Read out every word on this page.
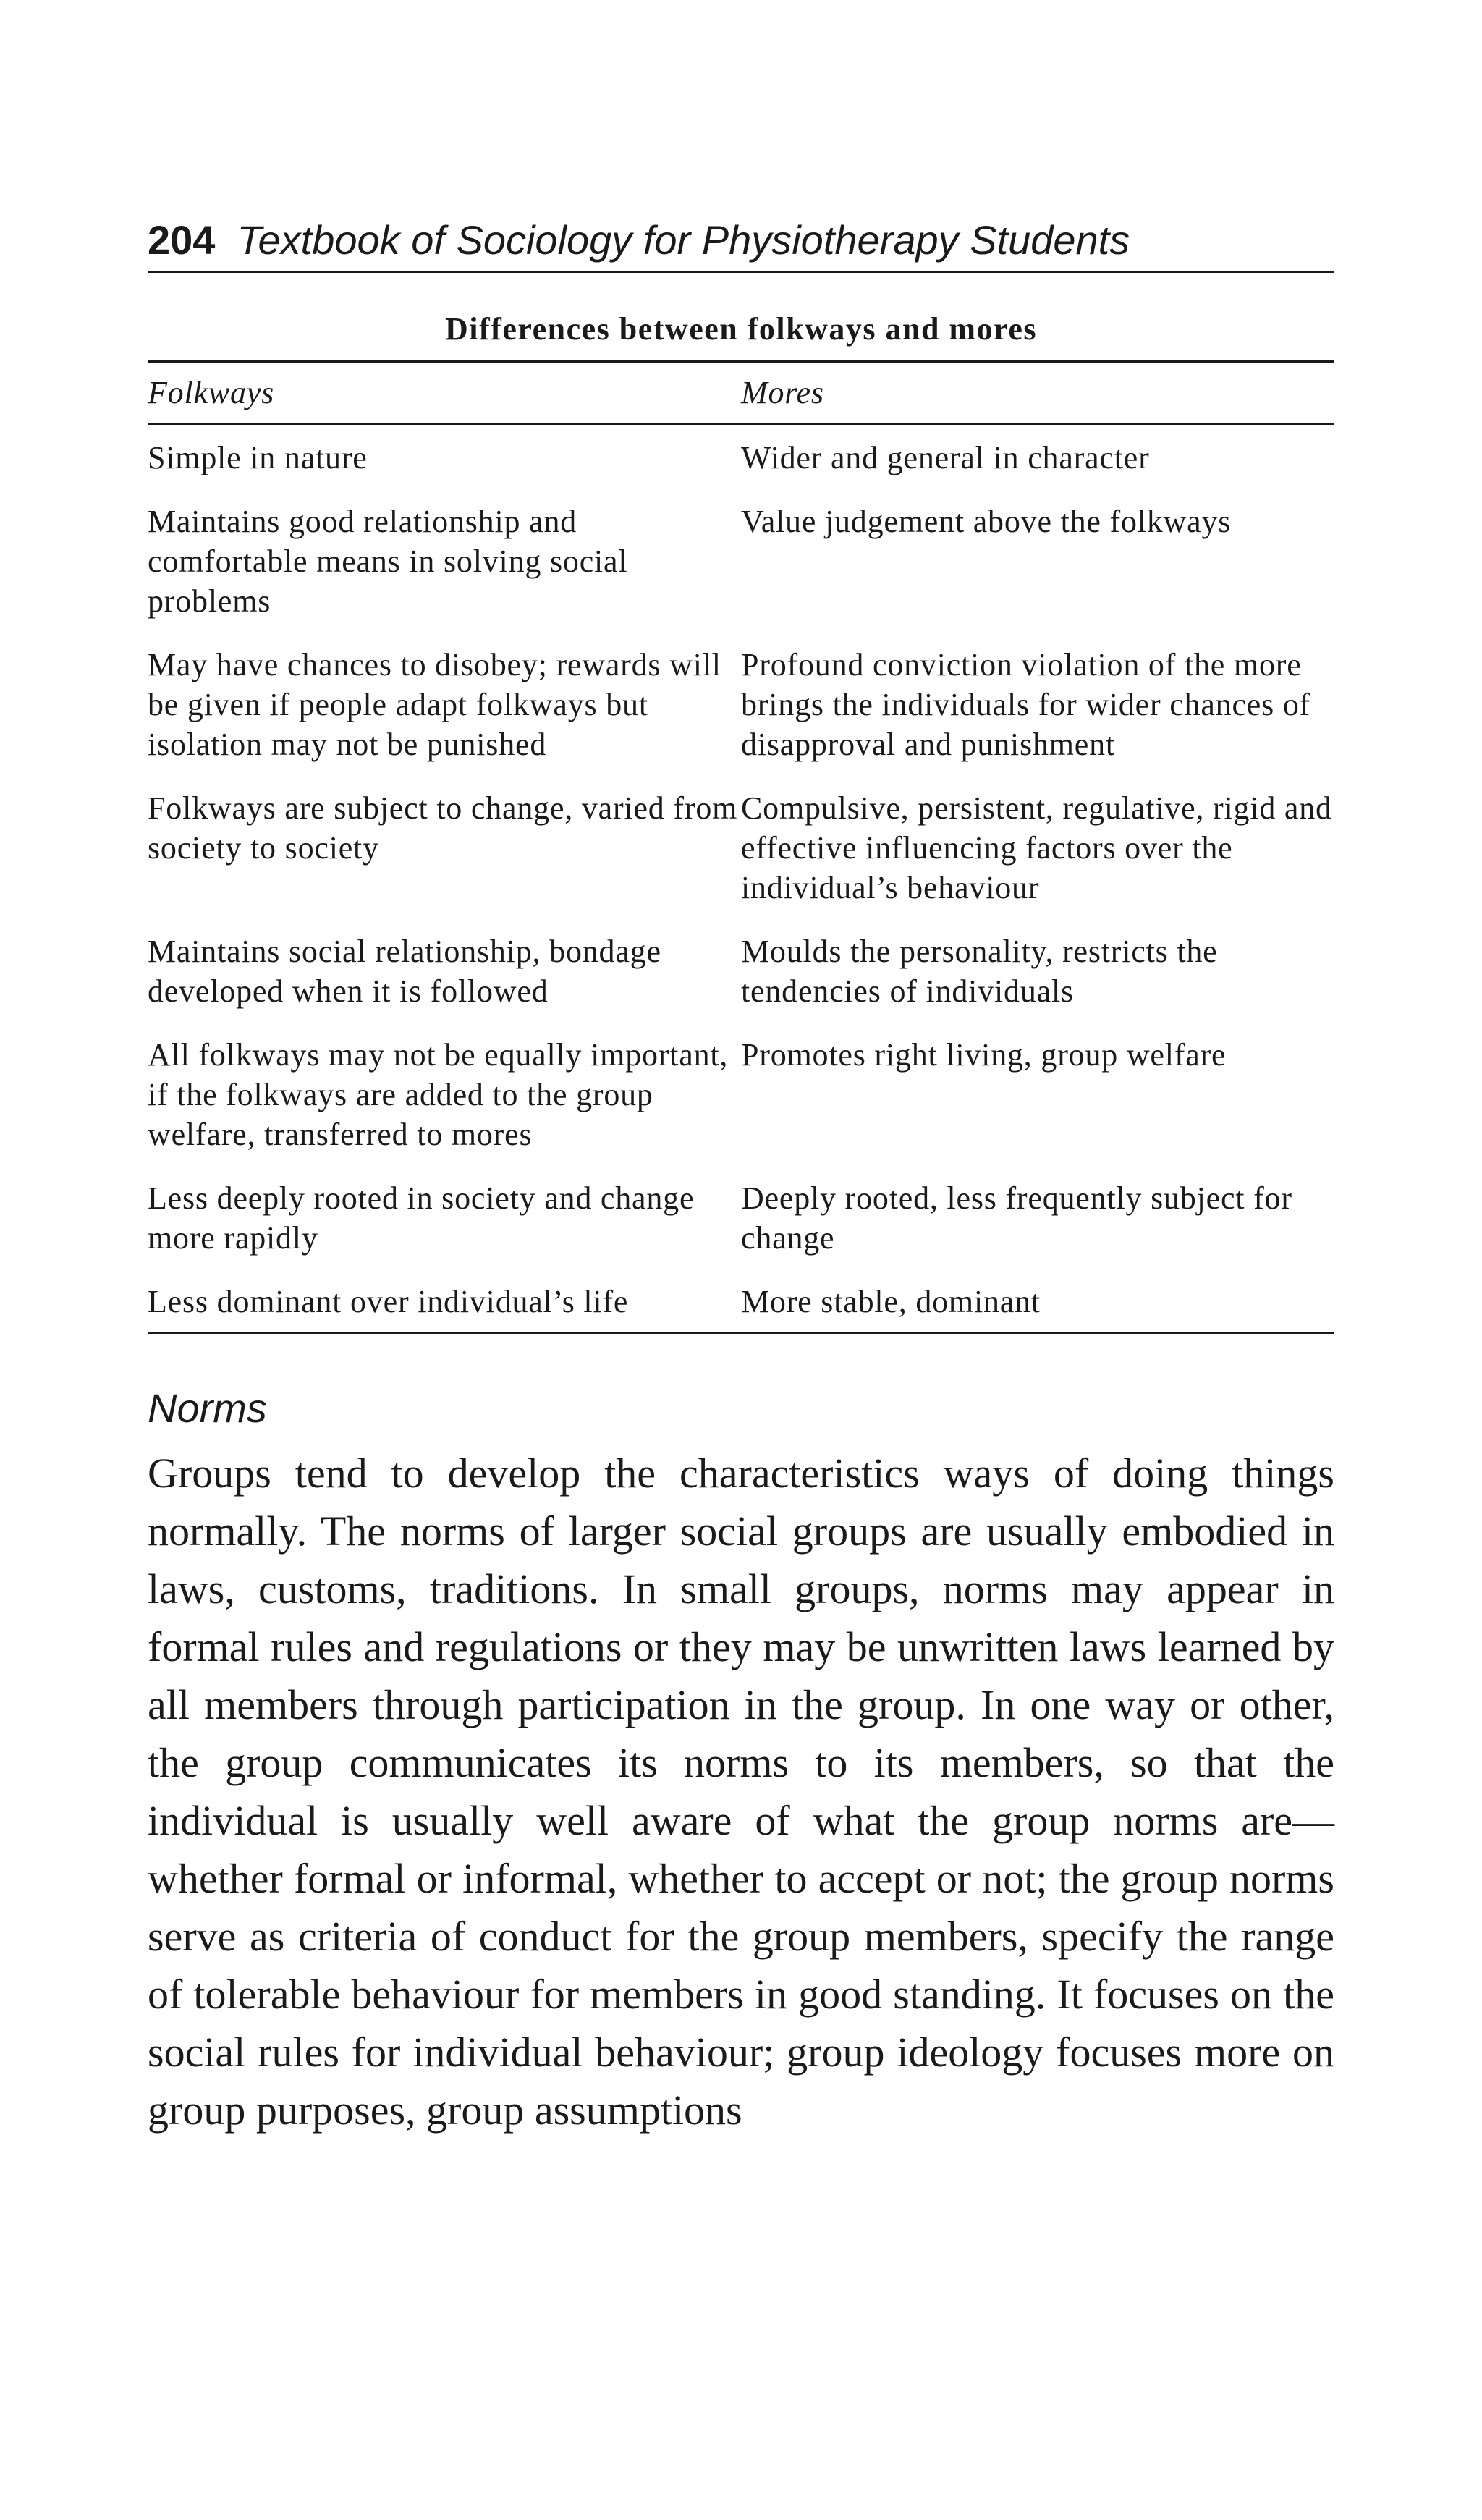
204 Textbook of Sociology for Physiotherapy Students
Differences between folkways and mores
Folkways	Mores
Simple in nature	Wider and general in character
Maintains good relationship and comfortable means in solving social problems	Value judgement above the folkways
May have chances to disobey; rewards will be given if people adapt folkways but isolation may not be punished	Profound conviction violation of the more brings the individuals for wider chances of disapproval and punishment
Folkways are subject to change, varied from society to society	Compulsive, persistent, regulative, rigid and effective influencing factors over the individual’s behaviour
Maintains social relationship, bondage developed when it is followed	Moulds the personality, restricts the tendencies of individuals
All folkways may not be equally important, if the folkways are added to the group welfare, transferred to mores	Promotes right living, group welfare
Less deeply rooted in society and change more rapidly	Deeply rooted, less frequently subject for change
Less dominant over individual’s life	More stable, dominant
Norms

Groups tend to develop the characteristics ways of doing things normally. The norms of larger social groups are usually embodied in laws, customs, traditions. In small groups, norms may appear in formal rules and regulations or they may be unwritten laws learned by all members through participation in the group. In one way or other, the group communicates its norms to its members, so that the individual is usually well aware of what the group norms are—whether formal or informal, whether to accept or not; the group norms serve as criteria of conduct for the group members, specify the range of tolerable behaviour for members in good standing. It focuses on the social rules for individual behaviour; group ideology focuses more on group purposes, group assumptions
